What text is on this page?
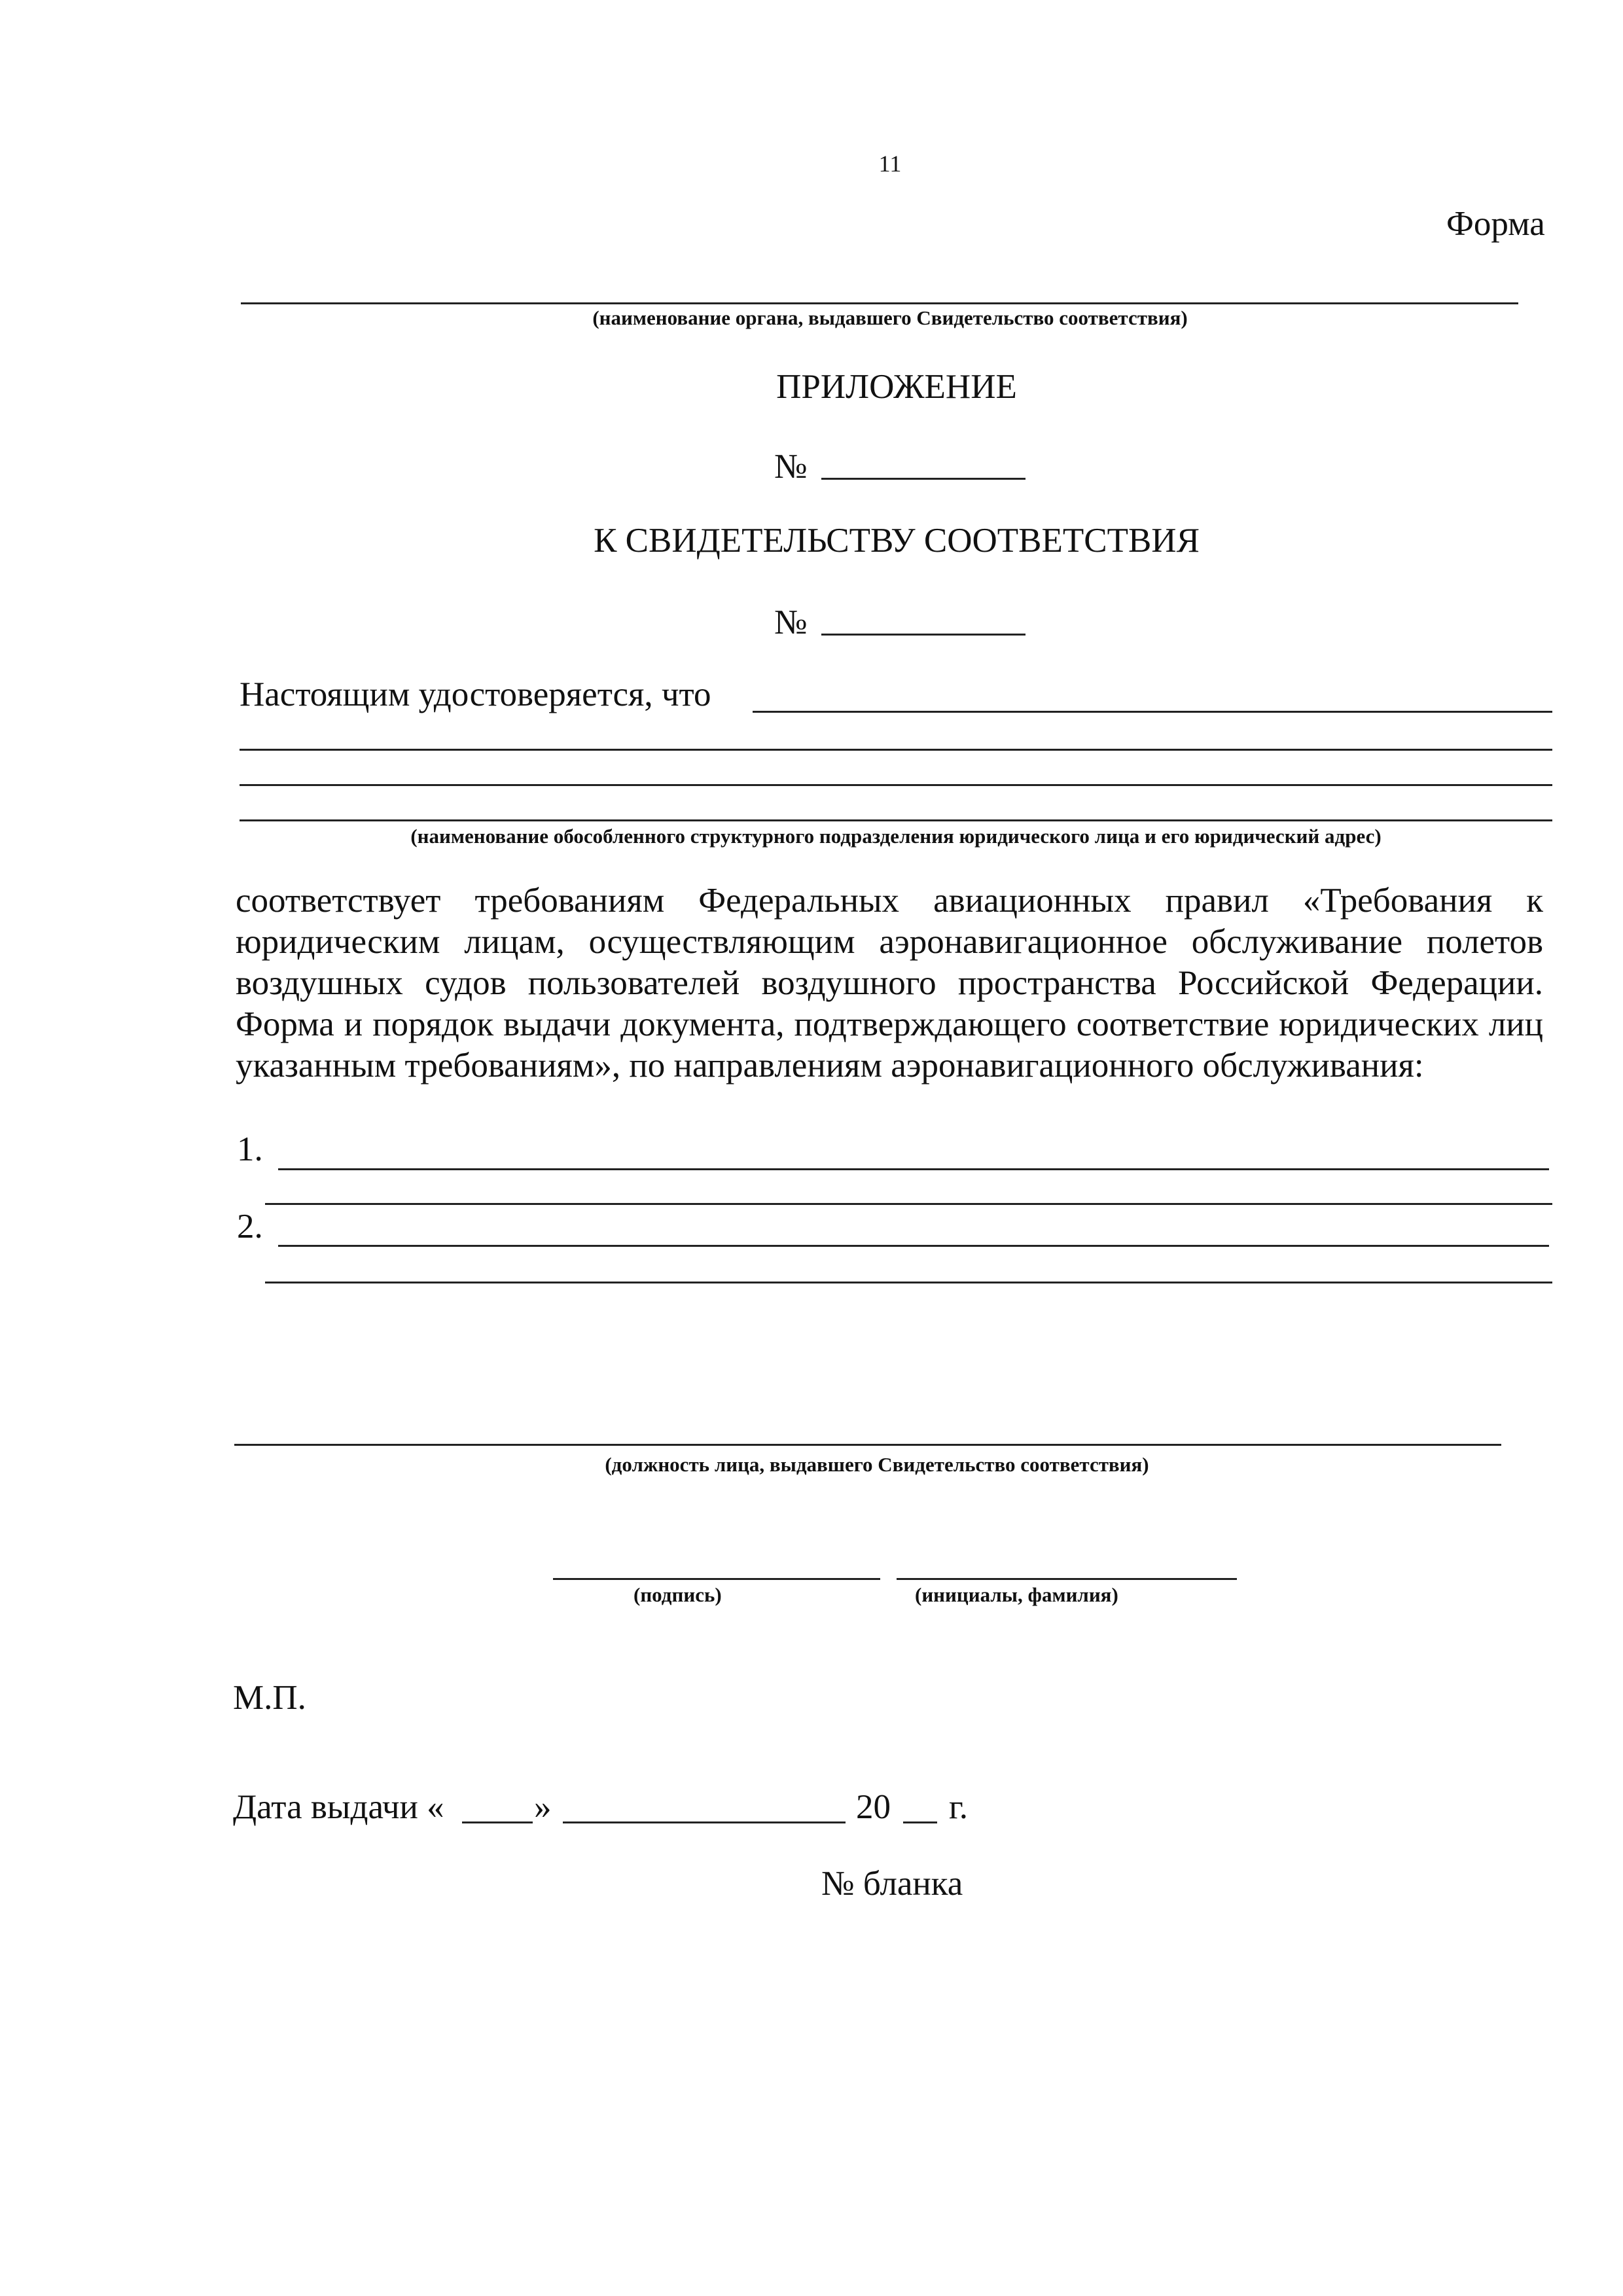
11
Форма
(наименование органа, выдавшего Свидетельство соответствия)
ПРИЛОЖЕНИЕ
№
К СВИДЕТЕЛЬСТВУ СООТВЕТСТВИЯ
№
Настоящим удостоверяется, что
(наименование обособленного структурного подразделения юридического лица и его юридический адрес)
соответствует требованиям Федеральных авиационных правил «Требования к юридическим лицам, осуществляющим аэронавигационное обслуживание полетов воздушных судов пользователей воздушного пространства Российской Федерации. Форма и порядок выдачи документа, подтверждающего соответствие юридических лиц указанным требованиям», по направлениям аэронавигационного обслуживания:
1.
2.
(должность лица, выдавшего Свидетельство соответствия)
(подпись)	(инициалы, фамилия)
М.П.
Дата выдачи «	»	20 г.
№ бланка
